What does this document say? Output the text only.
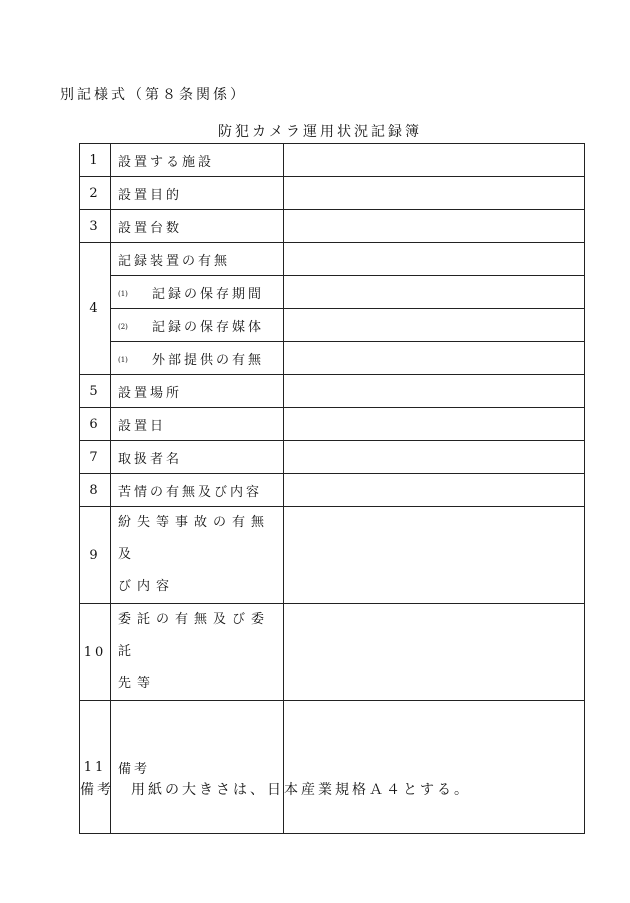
別記様式（第８条関係）
防犯カメラ運用状況記録簿
1	設置する施設	
2	設置目的	
3	設置台数	
4	記録装置の有無	
	(1) 記録の保存期間	
	(2) 記録の保存媒体	
	(1) 外部提供の有無	
5	設置場所	
6	設置日	
7	取扱者名	
8	苦情の有無及び内容	
9	紛失等事故の有無及
び内容	

10	委託の有無及び委託
先等	

11	備考	
備考　用紙の大きさは、日本産業規格Ａ４とする。
